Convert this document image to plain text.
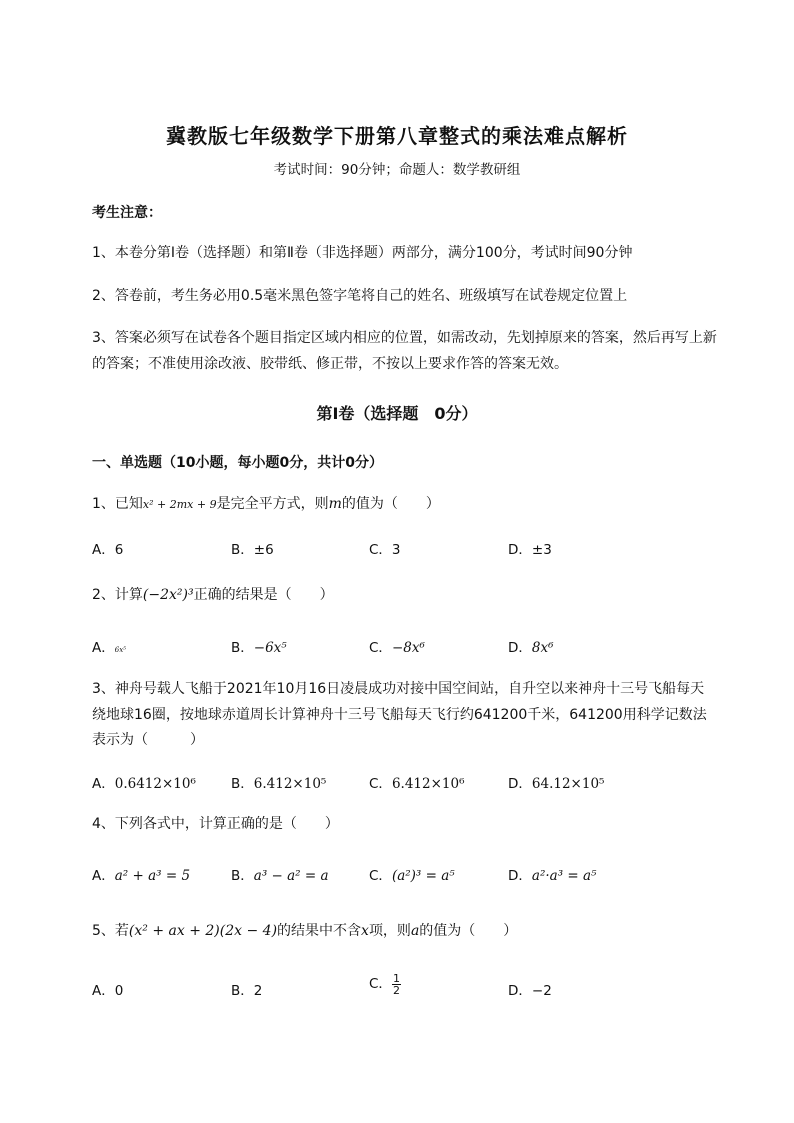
冀教版七年级数学下册第八章整式的乘法难点解析
考试时间：90分钟；命题人：数学教研组
考生注意：
1、本卷分第Ⅰ卷（选择题）和第Ⅱ卷（非选择题）两部分，满分100分，考试时间90分钟
2、答卷前，考生务必用0.5毫米黑色签字笔将自己的姓名、班级填写在试卷规定位置上
3、答案必须写在试卷各个题目指定区域内相应的位置，如需改动，先划掉原来的答案，然后再写上新
的答案；不准使用涂改液、胶带纸、修正带，不按以上要求作答的答案无效。
第Ⅰ卷（选择题　0分）
一、单选题（10小题，每小题0分，共计0分）
1、已知x² + 2mx + 9是完全平方式，则m的值为（　　）
A．6	B．±6	C．3	D．±3
2、计算(−2x²)³正确的结果是（　　）
A．6x⁵	B．−6x⁵	C．−8x⁶	D．8x⁶
3、神舟号载人飞船于2021年10月16日凌晨成功对接中国空间站，自升空以来神舟十三号飞船每天
绕地球16圈，按地球赤道周长计算神舟十三号飞船每天飞行约641200千米，641200用科学记数法
表示为（　　　）
A．0.6412×10⁶	B．6.412×10⁵	C．6.412×10⁶	D．64.12×10⁵
4、下列各式中，计算正确的是（　　）
A．a² + a³ = 5	B．a³ − a² = a	C．(a²)³ = a⁵	D．a²·a³ = a⁵
5、若(x² + ax + 2)(2x − 4)的结果中不含x项，则a的值为（　　）
A．0	B．2	C． $\frac{1}{2}$	D．−2
